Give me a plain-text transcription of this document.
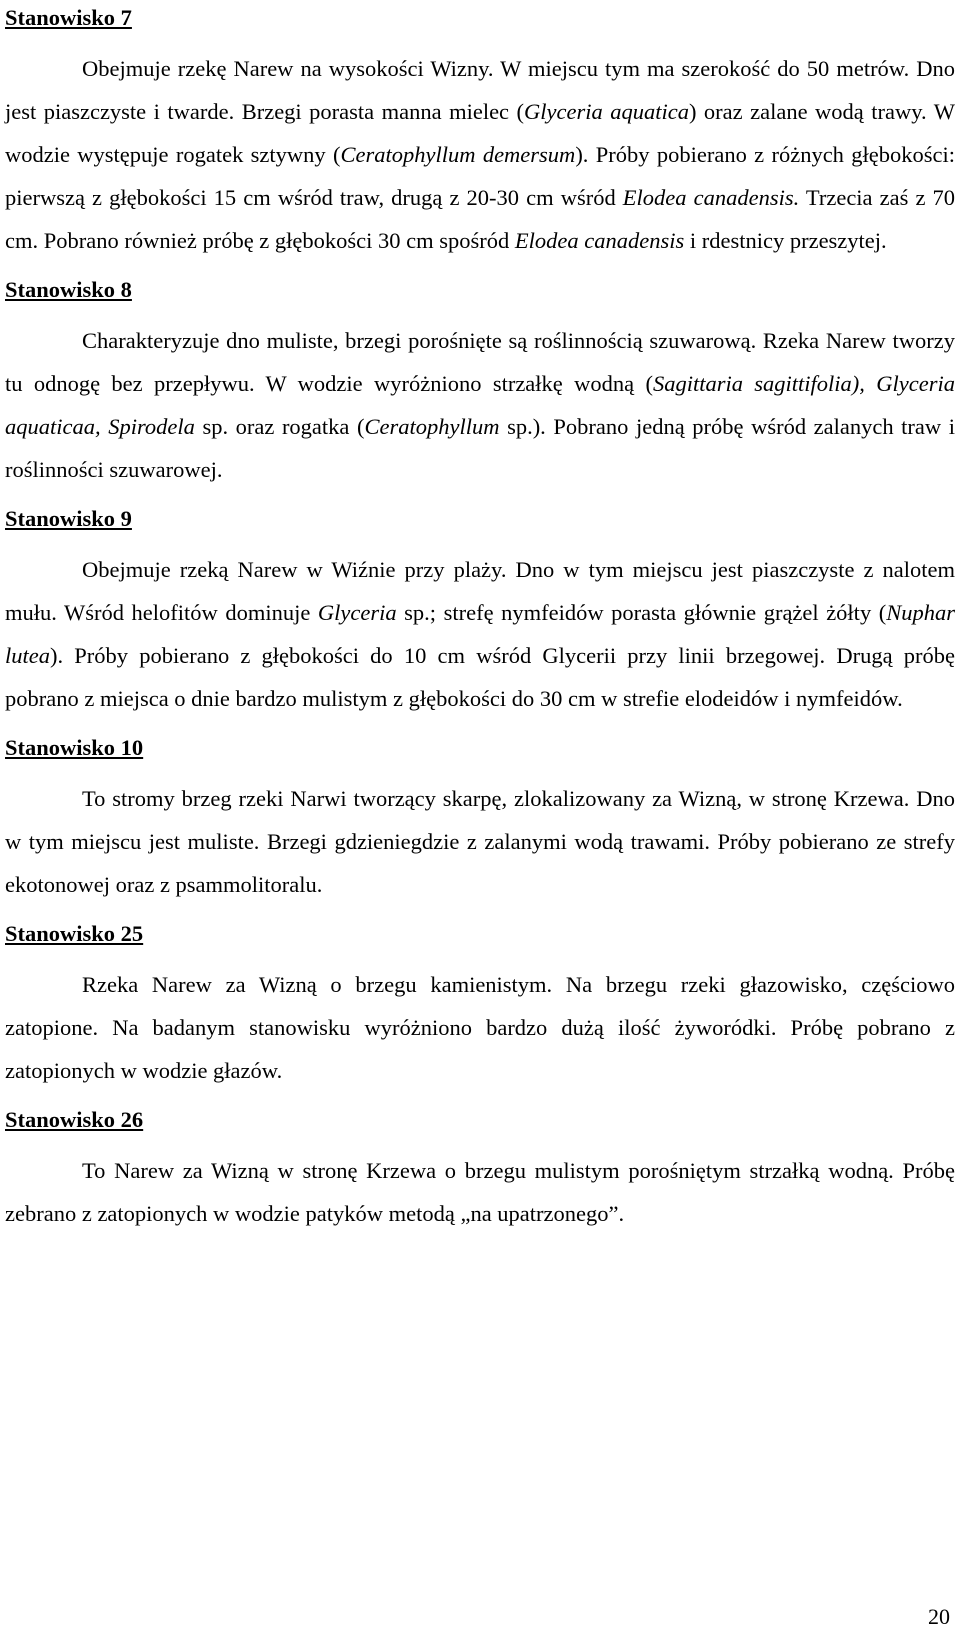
Stanowisko 7

Obejmuje rzekę Narew na wysokości Wizny. W miejscu tym ma szerokość do 50 metrów. Dno jest piaszczyste i twarde. Brzegi porasta manna mielec (Glyceria aquatica) oraz zalane wodą trawy. W wodzie występuje rogatek sztywny (Ceratophyllum demersum). Próby pobierano z różnych głębokości: pierwszą z głębokości 15 cm wśród traw, drugą z 20-30 cm wśród Elodea canadensis. Trzecia zaś z 70 cm. Pobrano również próbę z głębokości 30 cm spośród Elodea canadensis i rdestnicy przeszytej.

Stanowisko 8

Charakteryzuje dno muliste, brzegi porośnięte są roślinnością szuwarową. Rzeka Narew tworzy tu odnogę bez przepływu. W wodzie wyróżniono strzałkę wodną (Sagittaria sagittifolia), Glyceria aquaticaa, Spirodela sp. oraz rogatka (Ceratophyllum sp.). Pobrano jedną próbę wśród zalanych traw i roślinności szuwarowej.

Stanowisko 9

Obejmuje rzeką Narew w Wiźnie przy plaży. Dno w tym miejscu jest piaszczyste z nalotem mułu. Wśród helofitów dominuje Glyceria sp.; strefę nymfeidów porasta głównie grążel żółty (Nuphar lutea). Próby pobierano z głębokości do 10 cm wśród Glycerii przy linii brzegowej. Drugą próbę pobrano z miejsca o dnie bardzo mulistym z głębokości do 30 cm w strefie elodeidów i nymfeidów.

Stanowisko 10

To stromy brzeg rzeki Narwi tworzący skarpę, zlokalizowany za Wizną, w stronę Krzewa. Dno w tym miejscu jest muliste. Brzegi gdzieniegdzie z zalanymi wodą trawami. Próby pobierano ze strefy ekotonowej oraz z psammolitoralu.

Stanowisko 25

Rzeka Narew za Wizną o brzegu kamienistym. Na brzegu rzeki głazowisko, częściowo zatopione. Na badanym stanowisku wyróżniono bardzo dużą ilość żyworódki. Próbę pobrano z zatopionych w wodzie głazów.

Stanowisko 26

To Narew za Wizną w stronę Krzewa o brzegu mulistym porośniętym strzałką wodną. Próbę zebrano z zatopionych w wodzie patyków metodą „na upatrzonego”.

20
